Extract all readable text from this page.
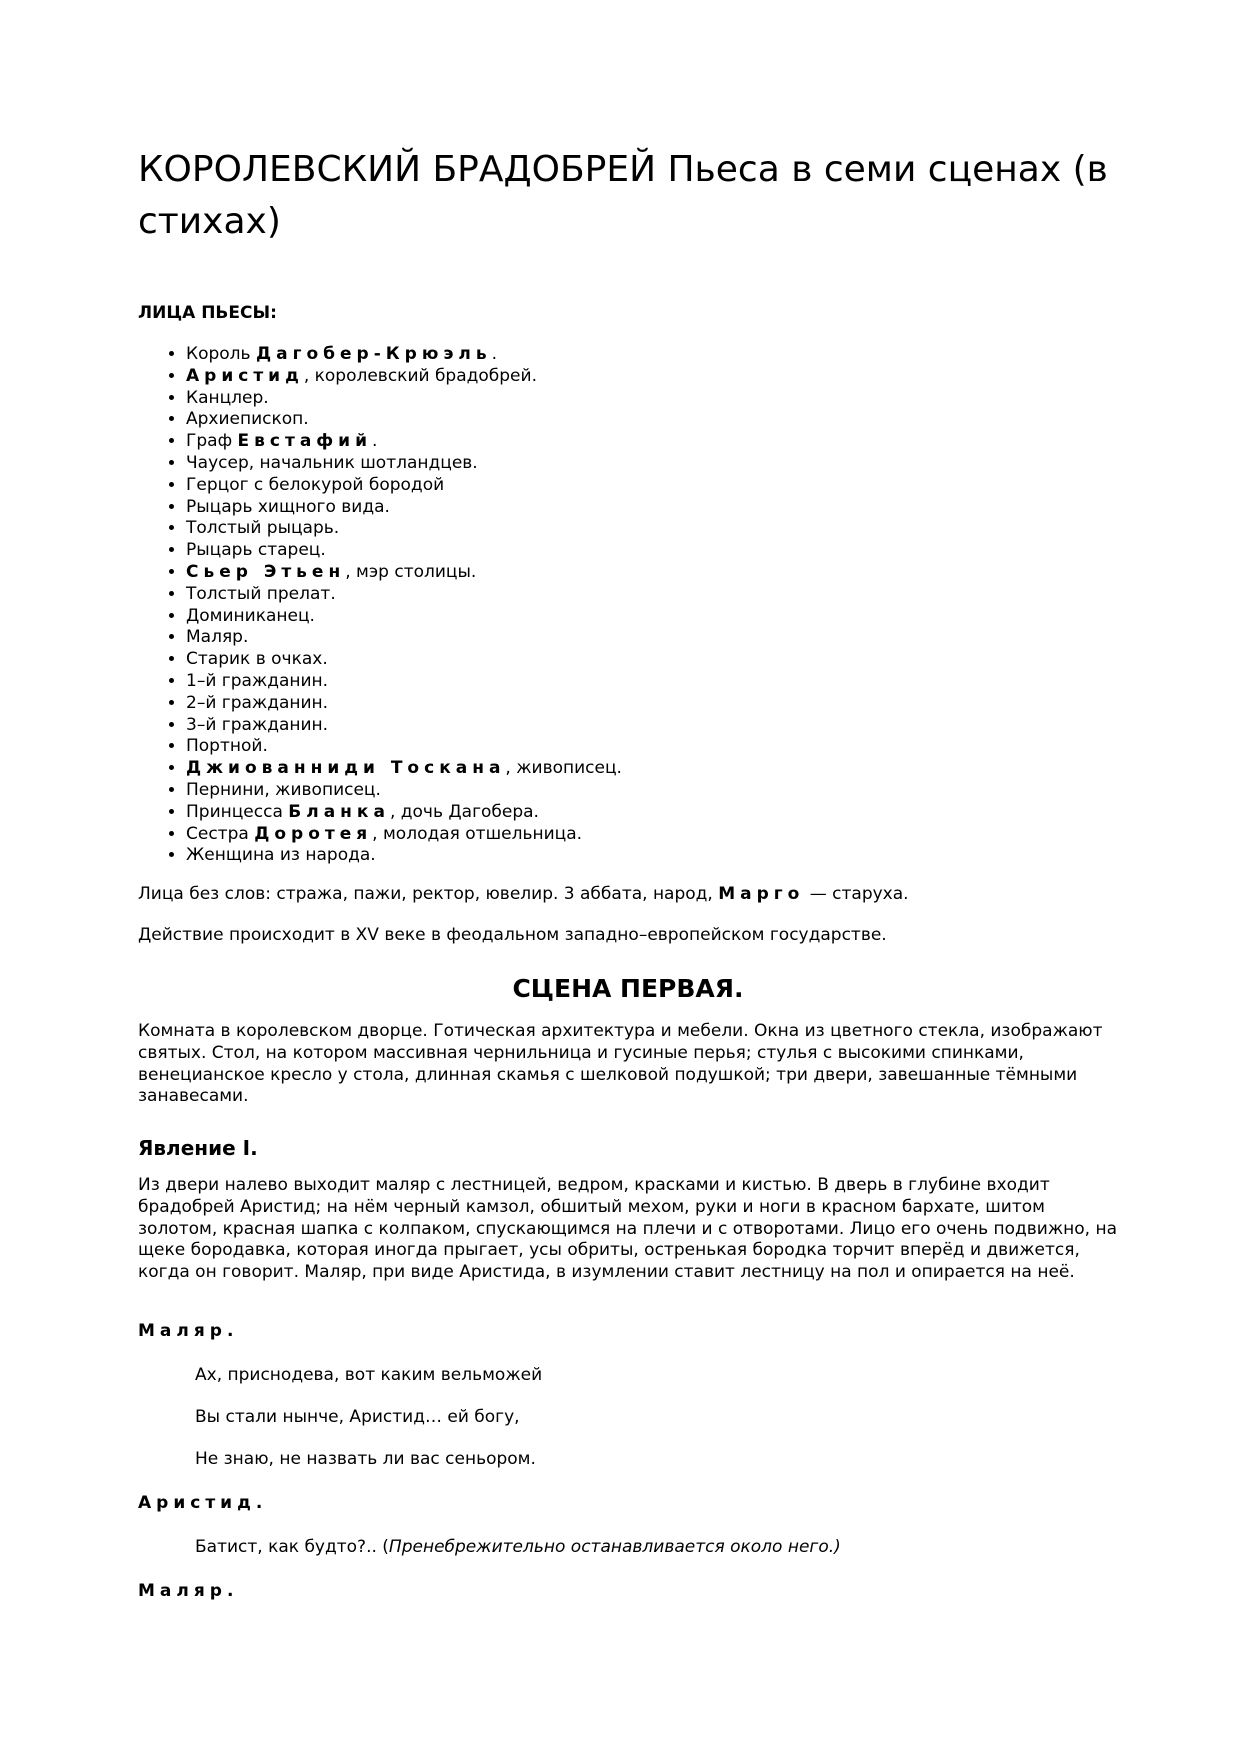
КОРОЛЕВСКИЙ БРАДОБРЕЙ Пьеса в семи сценах (в стихах)

ЛИЦА ПЬЕСЫ:

• Король Дагобер-Крюэль.
• Аристид, королевский брадобрей.
• Канцлер.
• Архиепископ.
• Граф Евстафий.
• Чаусер, начальник шотландцев.
• Герцог с белокурой бородой
• Рыцарь хищного вида.
• Толстый рыцарь.
• Рыцарь старец.
• Сьер Этьен, мэр столицы.
• Толстый прелат.
• Доминиканец.
• Маляр.
• Старик в очках.
• 1–й гражданин.
• 2–й гражданин.
• 3–й гражданин.
• Портной.
• Джиованниди Тоскана, живописец.
• Пернини, живописец.
• Принцесса Бланка, дочь Дагобера.
• Сестра Доротея, молодая отшельница.
• Женщина из народа.

Лица без слов: стража, пажи, ректор, ювелир. 3 аббата, народ, Марго — старуха.

Действие происходит в XV веке в феодальном западно–европейском государстве.

СЦЕНА ПЕРВАЯ.

Комната в королевском дворце. Готическая архитектура и мебели. Окна из цветного стекла, изображают святых. Стол, на котором массивная чернильница и гусиные перья; стулья с высокими спинками, венецианское кресло у стола, длинная скамья с шелковой подушкой; три двери, завешанные тёмными занавесами.

Явление I.

Из двери налево выходит маляр с лестницей, ведром, красками и кистью. В дверь в глубине входит брадобрей Аристид; на нём черный камзол, обшитый мехом, руки и ноги в красном бархате, шитом золотом, красная шапка с колпаком, спускающимся на плечи и с отворотами. Лицо его очень подвижно, на щеке бородавка, которая иногда прыгает, усы обриты, остренькая бородка торчит вперёд и движется, когда он говорит. Маляр, при виде Аристида, в изумлении ставит лестницу на пол и опирается на неё.

Маляр.

Ах, приснодева, вот каким вельможей

Вы стали нынче, Аристид… ей богу,

Не знаю, не назвать ли вас сеньором.

Аристид.

Батист, как будто?.. (Пренебрежительно останавливается около него.)

Маляр.
